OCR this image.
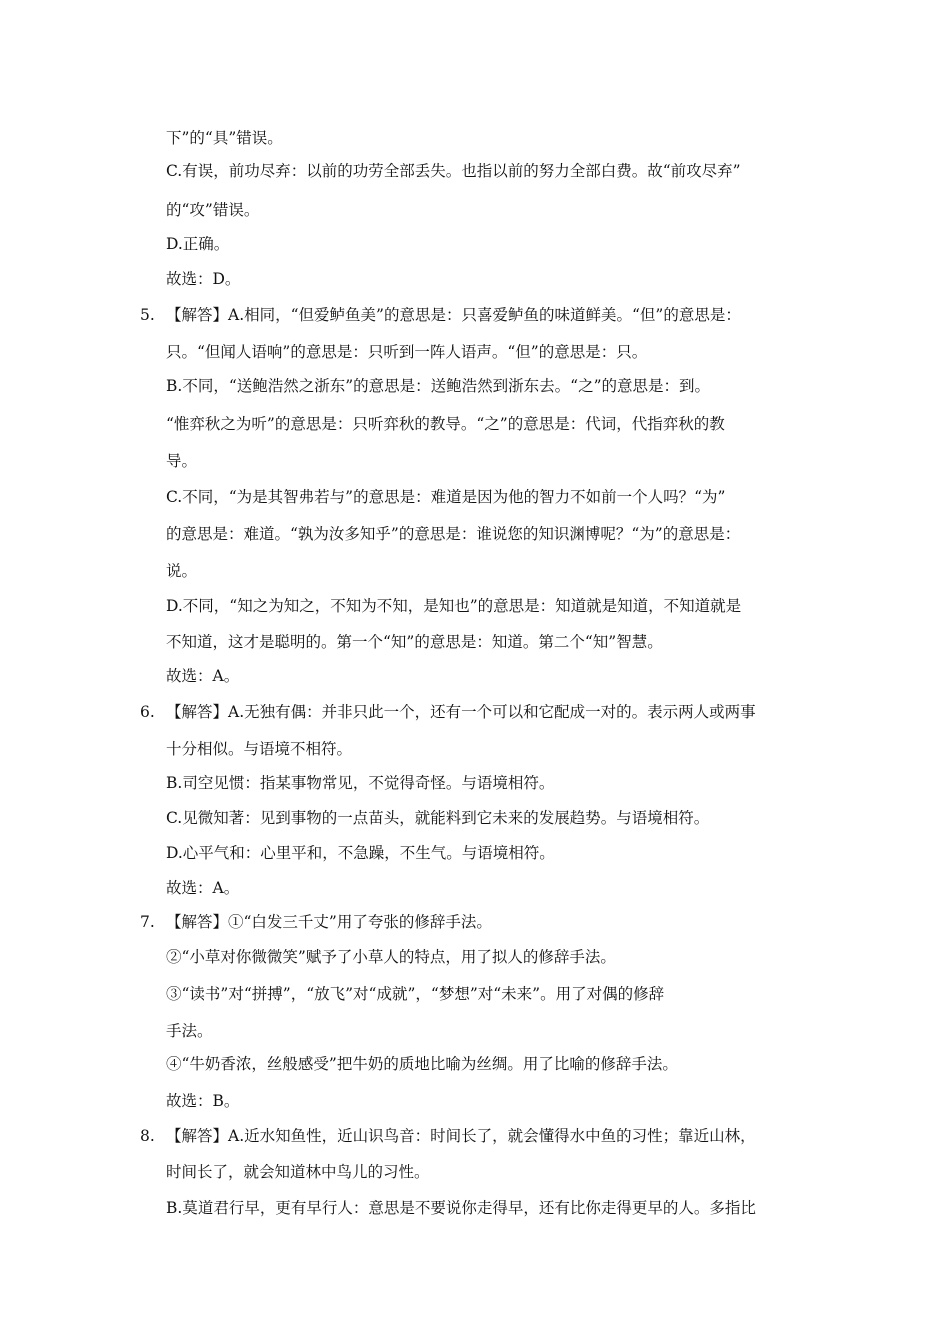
下”的“具”错误。
C.有误，前功尽弃：以前的功劳全部丢失。也指以前的努力全部白费。故“前攻尽弃”
的“攻”错误。
D.正确。
故选：D。
5. 【解答】A.相同，“但爱鲈鱼美”的意思是：只喜爱鲈鱼的味道鲜美。“但”的意思是：
只。“但闻人语响”的意思是：只听到一阵人语声。“但”的意思是：只。
B.不同，“送鲍浩然之浙东”的意思是：送鲍浩然到浙东去。“之”的意思是：到。
“惟弈秋之为听”的意思是：只听弈秋的教导。“之”的意思是：代词，代指弈秋的教
导。
C.不同，“为是其智弗若与”的意思是：难道是因为他的智力不如前一个人吗？“为”
的意思是：难道。“孰为汝多知乎”的意思是：谁说您的知识渊博呢？“为”的意思是：
说。
D.不同，“知之为知之，不知为不知，是知也”的意思是：知道就是知道，不知道就是
不知道，这才是聪明的。第一个“知”的意思是：知道。第二个“知”智慧。
故选：A。
6. 【解答】A.无独有偶：并非只此一个，还有一个可以和它配成一对的。表示两人或两事
十分相似。与语境不相符。
B.司空见惯：指某事物常见，不觉得奇怪。与语境相符。
C.见微知著：见到事物的一点苗头，就能料到它未来的发展趋势。与语境相符。
D.心平气和：心里平和，不急躁，不生气。与语境相符。
故选：A。
7. 【解答】①“白发三千丈”用了夸张的修辞手法。
②“小草对你微微笑”赋予了小草人的特点，用了拟人的修辞手法。
③“读书”对“拼搏”，“放飞”对“成就”，“梦想”对“未来”。用了对偶的修辞
手法。
④“牛奶香浓，丝般感受”把牛奶的质地比喻为丝绸。用了比喻的修辞手法。
故选：B。
8. 【解答】A.近水知鱼性，近山识鸟音：时间长了，就会懂得水中鱼的习性；靠近山林，
时间长了，就会知道林中鸟儿的习性。
B.莫道君行早，更有早行人：意思是不要说你走得早，还有比你走得更早的人。多指比
